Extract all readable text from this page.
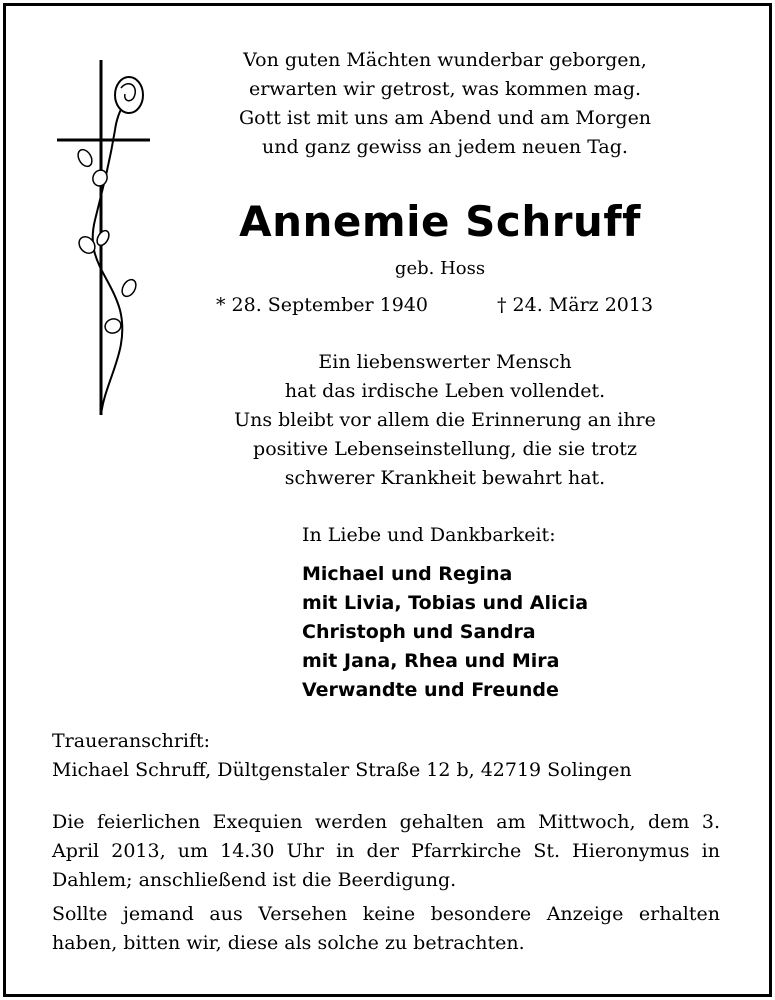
Von guten Mächten wunderbar geborgen,
erwarten wir getrost, was kommen mag.
Gott ist mit uns am Abend und am Morgen
und ganz gewiss an jedem neuen Tag.
Annemie Schruff
geb. Hoss
* 28. September 1940	† 24. März 2013
Ein liebenswerter Mensch
hat das irdische Leben vollendet.
Uns bleibt vor allem die Erinnerung an ihre
positive Lebenseinstellung, die sie trotz
schwerer Krankheit bewahrt hat.
In Liebe und Dankbarkeit:
Michael und Regina
mit Livia, Tobias und Alicia
Christoph und Sandra
mit Jana, Rhea und Mira
Verwandte und Freunde
Traueranschrift:
Michael Schruff, Dültgenstaler Straße 12 b, 42719 Solingen
Die feierlichen Exequien werden gehalten am Mittwoch, dem 3. April 2013, um 14.30 Uhr in der Pfarrkirche St. Hieronymus in Dahlem; anschließend ist die Beerdigung.
Sollte jemand aus Versehen keine besondere Anzeige erhalten haben, bitten wir, diese als solche zu betrachten.
